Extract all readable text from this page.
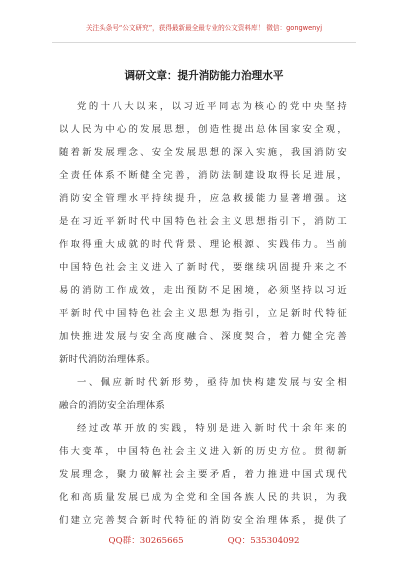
关注头条号“公文研究”，获得最新最全最专业的公文资料库！ 微信：gongwenyj
调研文章：提升消防能力治理水平
党的十八大以来，以习近平同志为核心的党中央坚持
以人民为中心的发展思想，创造性提出总体国家安全观，
随着新发展理念、安全发展思想的深入实施，我国消防安
全责任体系不断健全完善，消防法制建设取得长足进展，
消防安全管理水平持续提升，应急救援能力显著增强。这
是在习近平新时代中国特色社会主义思想指引下，消防工
作取得重大成就的时代背景、理论根源、实践伟力。当前
中国特色社会主义进入了新时代，要继续巩固提升来之不
易的消防工作成效，走出预防不足困境，必须坚持以习近
平新时代中国特色社会主义思想为指引，立足新时代特征
加快推进发展与安全高度融合、深度契合，着力健全完善
新时代消防治理体系。
一、佩应新时代新形势，亟待加快构建发展与安全相
融合的消防安全治理体系
经过改革开放的实践，特别是进入新时代十余年来的
伟大变革，中国特色社会主义进入新的历史方位。贯彻新
发展理念，聚力破解社会主要矛盾，着力推进中国式现代
化和高质量发展已成为全党和全国各族人民的共识，为我
们建立完善契合新时代特征的消防安全治理体系，提供了
QQ群：30265665	QQ：535304092
